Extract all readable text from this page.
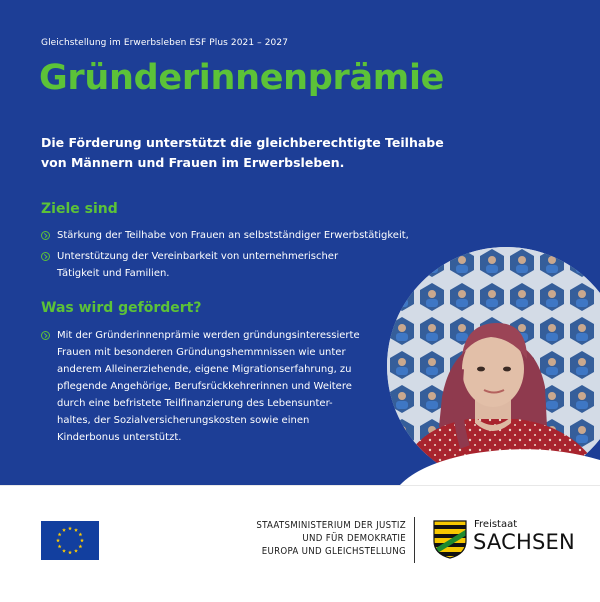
Gleichstellung im Erwerbsleben ESF Plus 2021 – 2027
Gründerinnenprämie

Die Förderung unterstützt die gleichberechtigte Teilhabe
von Männern und Frauen im Erwerbsleben.

Ziele sind
Stärkung der Teilhabe von Frauen an selbstständiger Erwerbstätigkeit,
Unterstützung der Vereinbarkeit von unternehmerischer
Tätigkeit und Familien.
Was wird gefördert?
Mit der Gründerinnenprämie werden gründungsinteressierte
Frauen mit besonderen Gründungshemmnissen wie unter
anderem Alleinerziehende, eigene Migrationserfahrung, zu
pflegende Angehörige, Berufsrückkehrerinnen und Weitere
durch eine befristete Teilfinanzierung des Lebensunter-
haltes, der Sozialversicherungskosten sowie einen
Kinderbonus unterstützt.
STAATSMINISTERIUM DER JUSTIZ
UND FÜR DEMOKRATIE
EUROPA UND GLEICHSTELLUNG
Freistaat
SACHSEN
